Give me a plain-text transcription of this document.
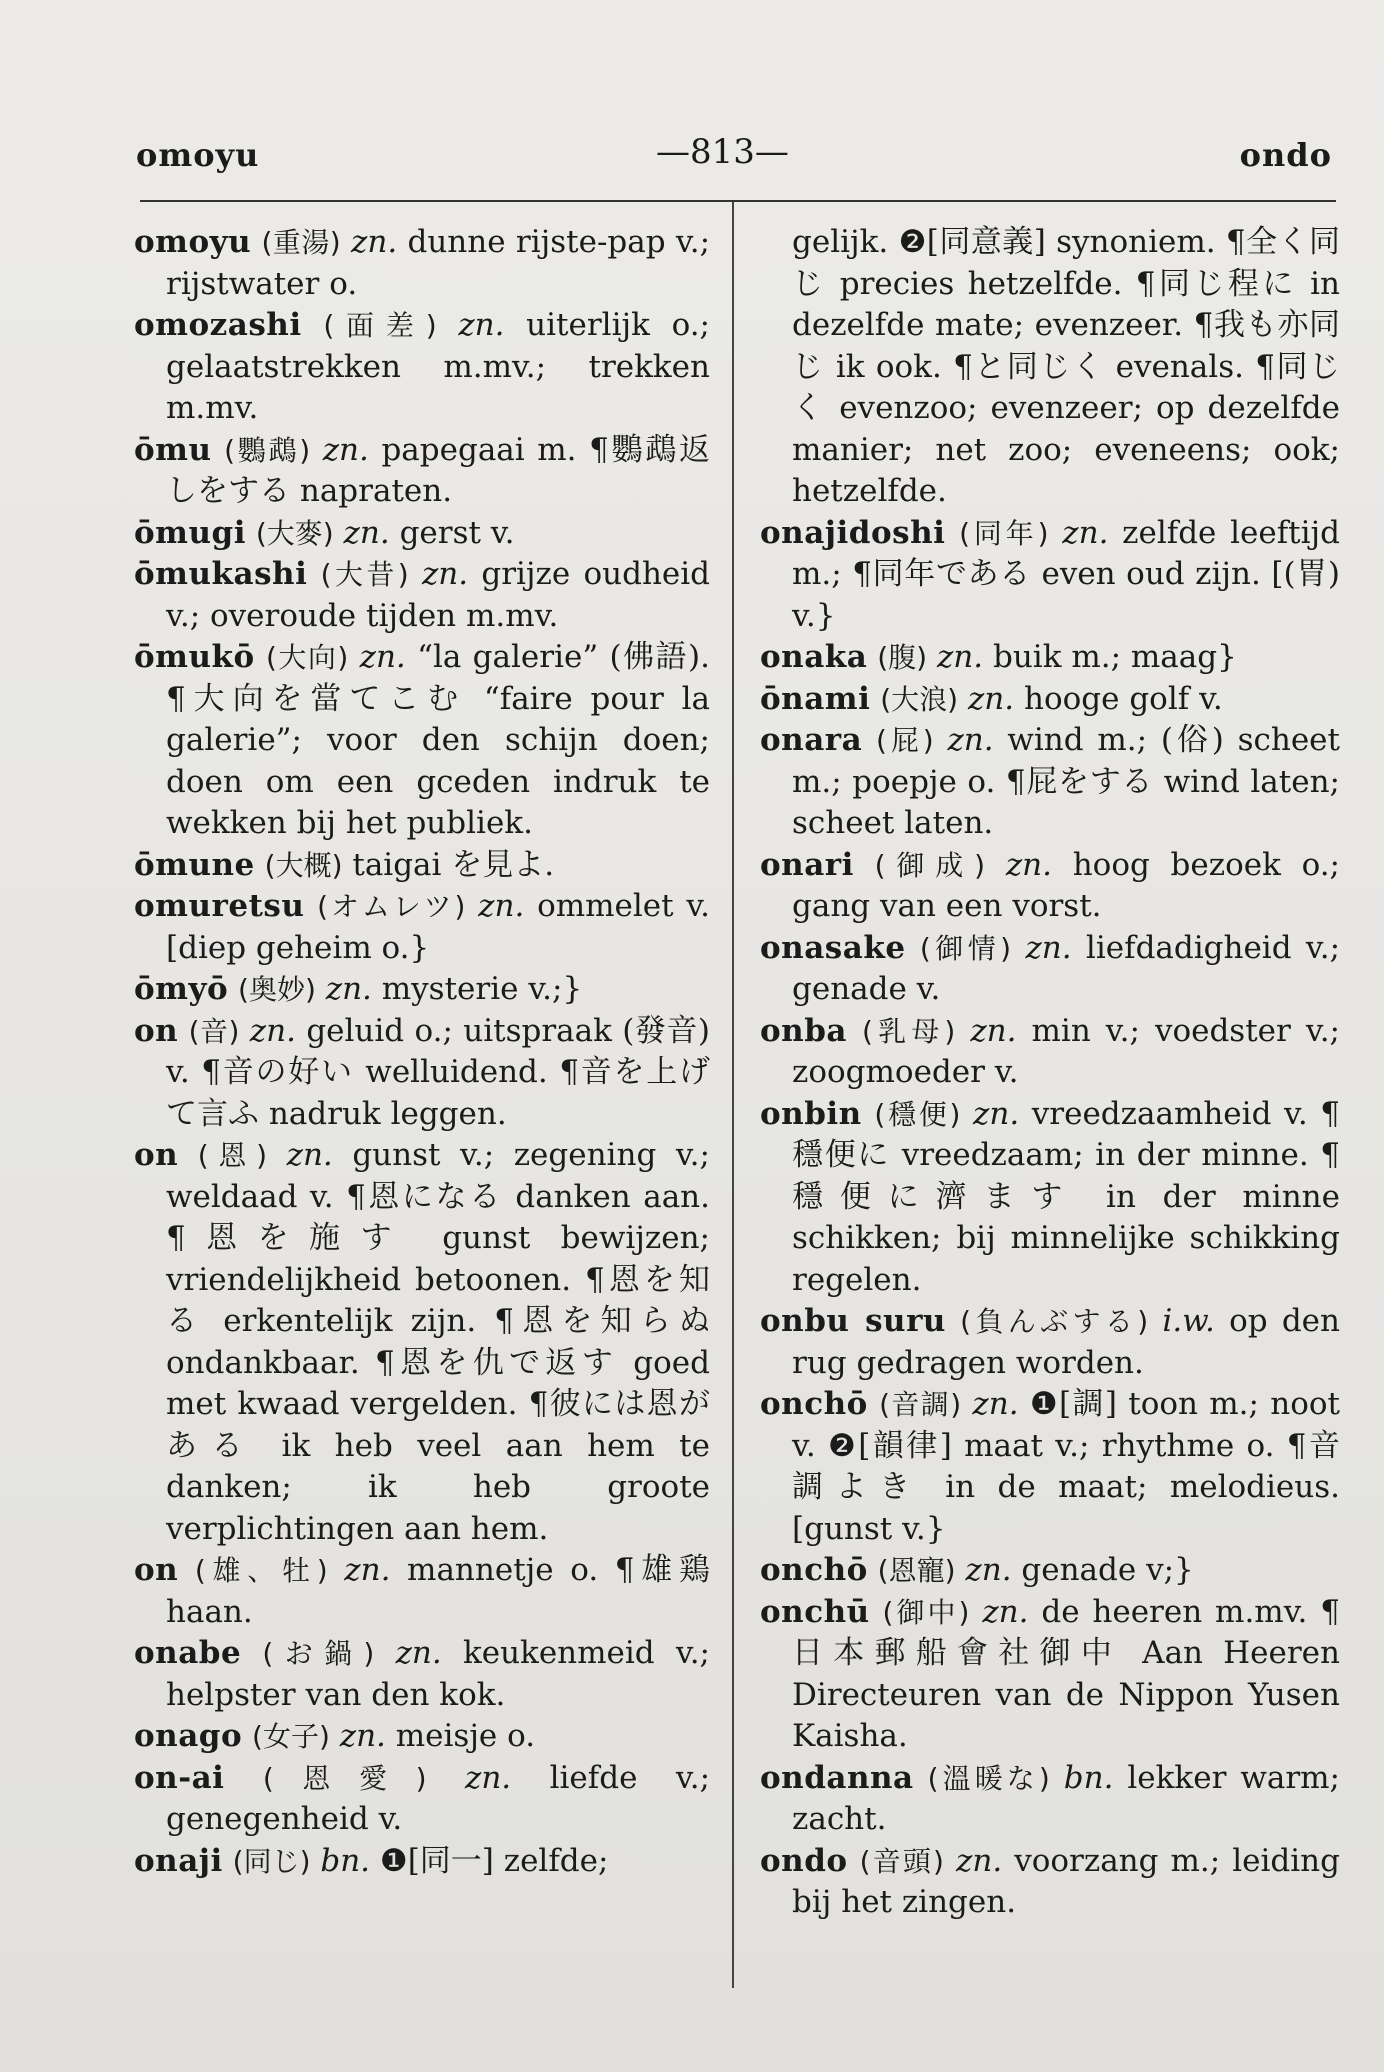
omoyu	—813—	ondo

omoyu (重湯) zn. dunne rijste-pap v.; rijstwater o.

omozashi (面差) zn. uiterlijk o.; gelaatstrekken m.mv.; trekken m.mv.

ōmu (鸚鵡) zn. papegaai m. ¶鸚鵡返しをする napraten.

ōmugi (大麥) zn. gerst v.

ōmukashi (大昔) zn. grijze oudheid v.; overoude tijden m.mv.

ōmukō (大向) zn. “la galerie” (佛語). ¶大向を當てこむ “faire pour la galerie”; voor den schijn doen; doen om een gceden indruk te wekken bij het publiek.

ōmune (大概) taigai を見よ.

omuretsu (オムレツ) zn. ommelet v. [diep geheim o.}

ōmyō (奥妙) zn. mysterie v.;}

on (音) zn. geluid o.; uitspraak (發音) v. ¶音の好い welluidend. ¶音を上げて言ふ nadruk leggen.

on (恩) zn. gunst v.; zegening v.; weldaad v. ¶恩になる danken aan. ¶恩を施す gunst bewijzen; vriendelijkheid betoonen. ¶恩を知る erkentelijk zijn. ¶恩を知らぬ ondankbaar. ¶恩を仇で返す goed met kwaad vergelden. ¶彼には恩がある ik heb veel aan hem te danken; ik heb groote verplichtingen aan hem.

on (雄、牡) zn. mannetje o. ¶雄鶏 haan.

onabe (お鍋) zn. keukenmeid v.; helpster van den kok.

onago (女子) zn. meisje o.

on-ai (恩愛) zn. liefde v.; genegenheid v.

onaji (同じ) bn. ❶[同一] zelfde;

gelijk. ❷[同意義] synoniem. ¶全く同じ precies hetzelfde. ¶同じ程に in dezelfde mate; evenzeer. ¶我も亦同じ ik ook. ¶と同じく evenals. ¶同じく evenzoo; evenzeer; op dezelfde manier; net zoo; eveneens; ook; hetzelfde.

onajidoshi (同年) zn. zelfde leeftijd m.; ¶同年である even oud zijn. [(胃) v.}

onaka (腹) zn. buik m.; maag}

ōnami (大浪) zn. hooge golf v.

onara (屁) zn. wind m.; (俗) scheet m.; poepje o. ¶屁をする wind laten; scheet laten.

onari (御成) zn. hoog bezoek o.; gang van een vorst.

onasake (御情) zn. liefdadigheid v.; genade v.

onba (乳母) zn. min v.; voedster v.; zoogmoeder v.

onbin (穩便) zn. vreedzaamheid v. ¶穩便に vreedzaam; in der minne. ¶穩便に濟ます in der minne schikken; bij minnelijke schikking regelen.

onbu suru (負んぶする) i.w. op den rug gedragen worden.

onchō (音調) zn. ❶[調] toon m.; noot v. ❷[韻律] maat v.; rhythme o. ¶音調よき in de maat; melodieus. [gunst v.}

onchō (恩寵) zn. genade v;}

onchū (御中) zn. de heeren m.mv. ¶日本郵船會社御中 Aan Heeren Directeuren van de Nippon Yusen Kaisha.

ondanna (溫暖な) bn. lekker warm; zacht.

ondo (音頭) zn. voorzang m.; leiding bij het zingen.
